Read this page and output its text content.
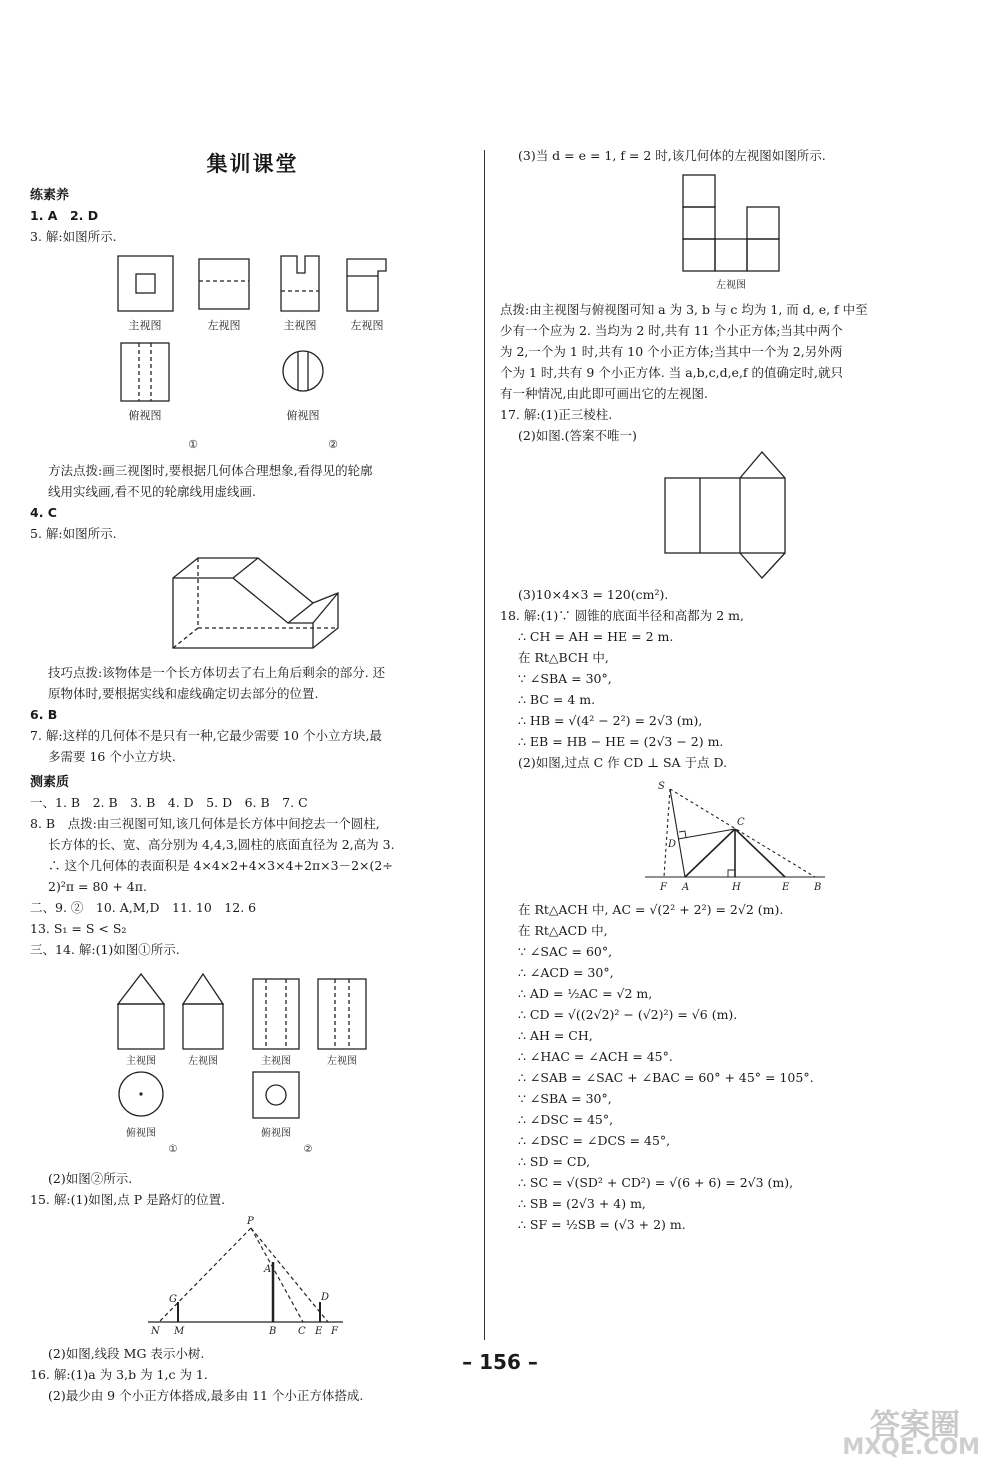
集训课堂
练素养
1. A　2. D
3. 解:如图所示.
主视图	左视图	主视图	左视图
俯视图	俯视图
①	②
方法点拨:画三视图时,要根据几何体合理想象,看得见的轮廓
线用实线画,看不见的轮廓线用虚线画.
4. C
5. 解:如图所示.
技巧点拨:该物体是一个长方体切去了右上角后剩余的部分. 还
原物体时,要根据实线和虚线确定切去部分的位置.
6. B
7. 解:这样的几何体不是只有一种,它最少需要 10 个小立方块,最
多需要 16 个小立方块.
测素质
一、1. B　2. B　3. B　4. D　5. D　6. B　7. C
8. B　点拨:由三视图可知,该几何体是长方体中间挖去一个圆柱,
长方体的长、宽、高分别为 4,4,3,圆柱的底面直径为 2,高为 3.
∴ 这个几何体的表面积是 4×4×2+4×3×4+2π×3－2×(2÷
2)²π = 80 + 4π.
二、9. ②　10. A,M,D　11. 10　12. 6
13. S₁ = S < S₂
三、14. 解:(1)如图①所示.
主视图	左视图	主视图	左视图
俯视图	俯视图
①	②
(2)如图②所示.
15. 解:(1)如图,点 P 是路灯的位置.
P
G
A
D
N M	B C E F
(2)如图,线段 MG 表示小树.
16. 解:(1)a 为 3,b 为 1,c 为 1.
(2)最少由 9 个小正方体搭成,最多由 11 个小正方体搭成.
(3)当 d = e = 1, f = 2 时,该几何体的左视图如图所示.
左视图
点拨:由主视图与俯视图可知 a 为 3, b 与 c 均为 1, 而 d, e, f 中至
少有一个应为 2. 当均为 2 时,共有 11 个小正方体;当其中两个
为 2,一个为 1 时,共有 10 个小正方体;当其中一个为 2,另外两
个为 1 时,共有 9 个小正方体. 当 a,b,c,d,e,f 的值确定时,就只
有一种情况,由此即可画出它的左视图.
17. 解:(1)正三棱柱.
(2)如图.(答案不唯一)
(3)10×4×3 = 120(cm²).
18. 解:(1)∵ 圆锥的底面半径和高都为 2 m,
∴ CH = AH = HE = 2 m.
在 Rt△BCH 中,
∵ ∠SBA = 30°,
∴ BC = 4 m.
∴ HB = √(4² − 2²) = 2√3 (m),
∴ EB = HB − HE = (2√3 − 2) m.
(2)如图,过点 C 作 CD ⊥ SA 于点 D.
S
C
D
F A	H	E B
在 Rt△ACH 中, AC = √(2² + 2²) = 2√2 (m).
在 Rt△ACD 中,
∵ ∠SAC = 60°,
∴ ∠ACD = 30°,
∴ AD = ½AC = √2 m,
∴ CD = √((2√2)² − (√2)²) = √6 (m).
∴ AH = CH,
∴ ∠HAC = ∠ACH = 45°.
∴ ∠SAB = ∠SAC + ∠BAC = 60° + 45° = 105°.
∵ ∠SBA = 30°,
∴ ∠DSC = 45°,
∴ ∠DSC = ∠DCS = 45°,
∴ SD = CD,
∴ SC = √(SD² + CD²) = √(6 + 6) = 2√3 (m),
∴ SB = (2√3 + 4) m,
∴ SF = ½SB = (√3 + 2) m.
– 156 –
答案圈
MXQE.COM
